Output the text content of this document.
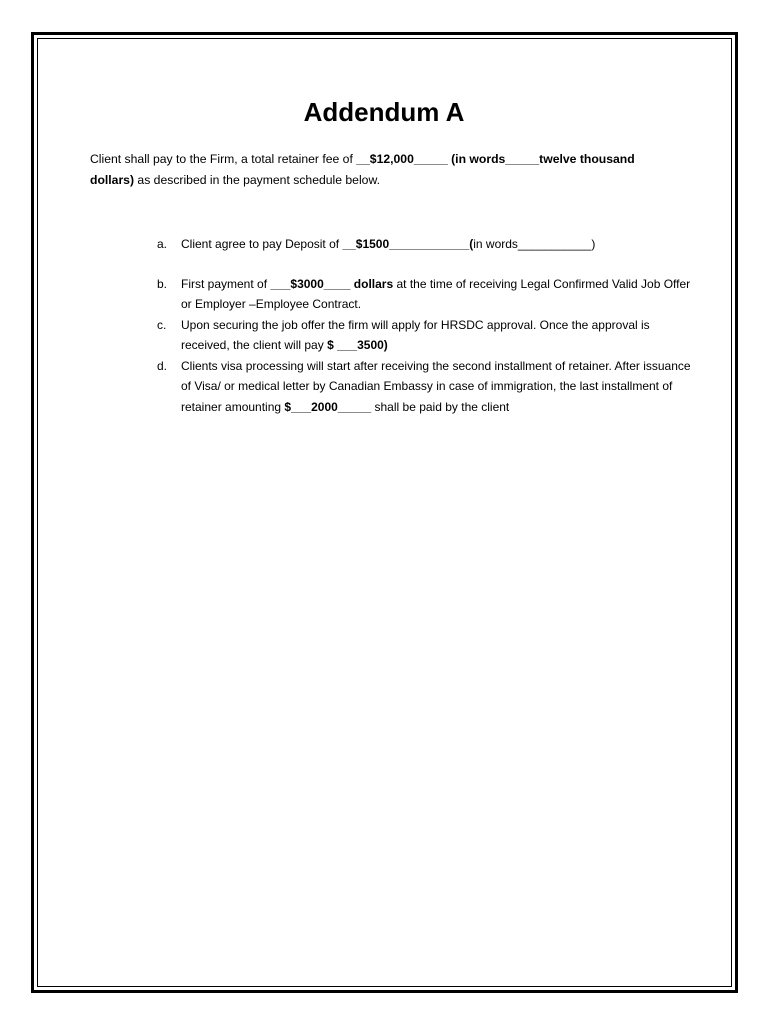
Addendum A
Client shall pay to the Firm, a total retainer fee of __$12,000_____ (in words_____twelve thousand dollars) as described in the payment schedule below.
a. Client agree to pay Deposit of __$1500____________(in words___________)
b. First payment of ___$3000____ dollars at the time of receiving Legal Confirmed Valid Job Offer or Employer –Employee Contract.
c. Upon securing the job offer the firm will apply for HRSDC approval. Once the approval is received, the client will pay $ ___3500)
d. Clients visa processing will start after receiving the second installment of retainer. After issuance of Visa/ or medical letter by Canadian Embassy in case of immigration, the last installment of retainer amounting $___2000_____ shall be paid by the client
